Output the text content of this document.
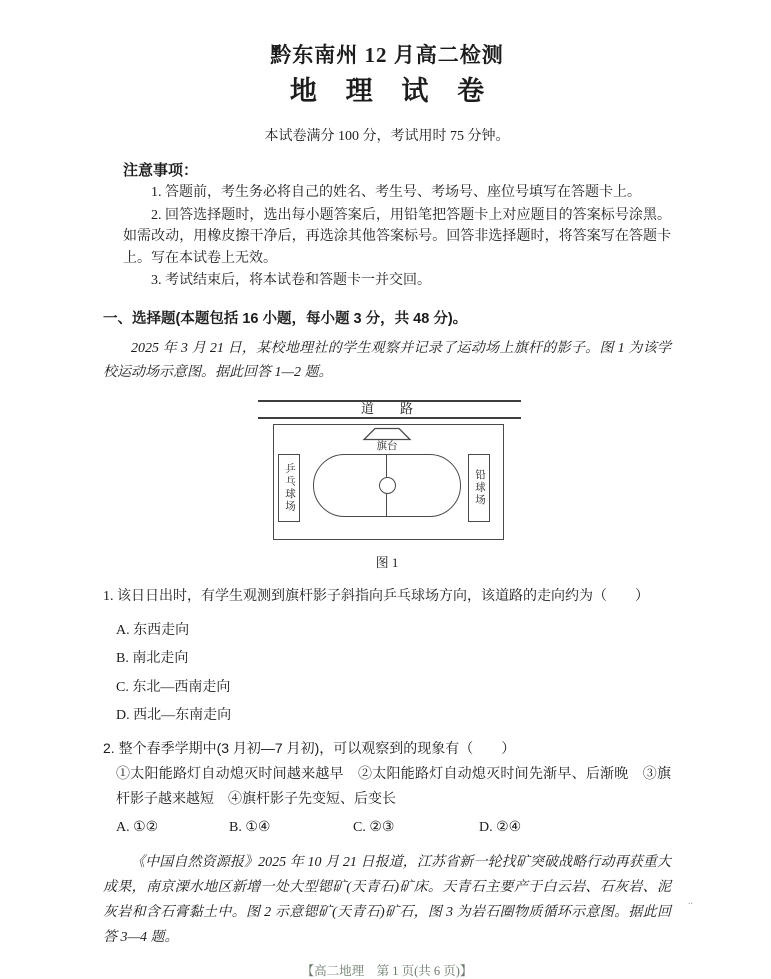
黔东南州 12 月高二检测
地 理 试 卷

本试卷满分 100 分，考试用时 75 分钟。

注意事项：

1. 答题前，考生务必将自己的姓名、考生号、考场号、座位号填写在答题卡上。

2. 回答选择题时，选出每小题答案后，用铅笔把答题卡上对应题目的答案标号涂黑。如需改动，用橡皮擦干净后，再选涂其他答案标号。回答非选择题时，将答案写在答题卡上。写在本试卷上无效。

3. 考试结束后，将本试卷和答题卡一并交回。

一、选择题(本题包括 16 小题，每小题 3 分，共 48 分)。

2025 年 3 月 21 日，某校地理社的学生观察并记录了运动场上旗杆的影子。图 1 为该学校运动场示意图。据此回答 1—2 题。

道　　路
旗台
乒乓球场	铅球场

图 1

1. 该日日出时，有学生观测到旗杆影子斜指向乒乓球场方向，该道路的走向约为（　　）

A. 东西走向

B. 南北走向

C. 东北—西南走向

D. 西北—东南走向

2. 整个春季学期中(3 月初—7 月初)，可以观察到的现象有（　　）

①太阳能路灯自动熄灭时间越来越早　②太阳能路灯自动熄灭时间先渐早、后渐晚　③旗杆影子越来越短　④旗杆影子先变短、后变长

A. ①②	B. ①④	C. ②③	D. ②④

《中国自然资源报》2025 年 10 月 21 日报道，江苏省新一轮找矿突破战略行动再获重大成果，南京溧水地区新增一处大型锶矿(天青石)矿床。天青石主要产于白云岩、石灰岩、泥灰岩和含石膏黏土中。图 2 示意锶矿(天青石)矿石，图 3 为岩石圈物质循环示意图。据此回答 3—4 题。

【高二地理　第 1 页(共 6 页)】

..
